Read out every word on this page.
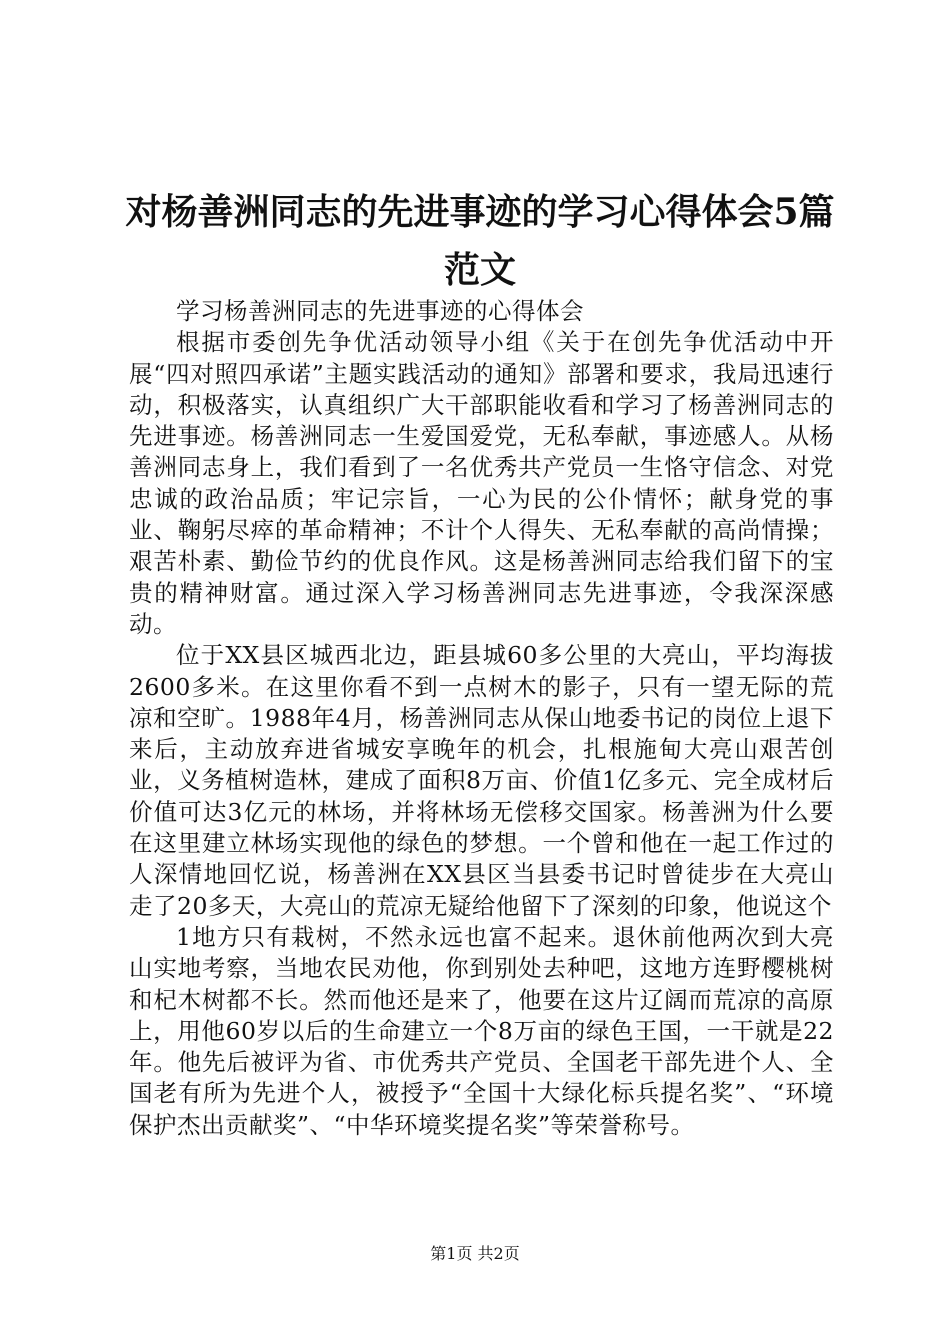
对杨善洲同志的先进事迹的学习心得体会5篇范文

学习杨善洲同志的先进事迹的心得体会

根据市委创先争优活动领导小组《关于在创先争优活动中开展“四对照四承诺”主题实践活动的通知》部署和要求，我局迅速行动，积极落实，认真组织广大干部职能收看和学习了杨善洲同志的先进事迹。杨善洲同志一生爱国爱党，无私奉献，事迹感人。从杨善洲同志身上，我们看到了一名优秀共产党员一生恪守信念、对党忠诚的政治品质；牢记宗旨，一心为民的公仆情怀；献身党的事业、鞠躬尽瘁的革命精神；不计个人得失、无私奉献的高尚情操；艰苦朴素、勤俭节约的优良作风。这是杨善洲同志给我们留下的宝贵的精神财富。通过深入学习杨善洲同志先进事迹，令我深深感动。

位于XX县区城西北边，距县城60多公里的大亮山，平均海拔2600多米。在这里你看不到一点树木的影子，只有一望无际的荒凉和空旷。1988年4月，杨善洲同志从保山地委书记的岗位上退下来后，主动放弃进省城安享晚年的机会，扎根施甸大亮山艰苦创业，义务植树造林，建成了面积8万亩、价值1亿多元、完全成材后价值可达3亿元的林场，并将林场无偿移交国家。杨善洲为什么要在这里建立林场实现他的绿色的梦想。一个曾和他在一起工作过的人深情地回忆说，杨善洲在XX县区当县委书记时曾徒步在大亮山走了20多天，大亮山的荒凉无疑给他留下了深刻的印象，他说这个

1地方只有栽树，不然永远也富不起来。退休前他两次到大亮山实地考察，当地农民劝他，你到别处去种吧，这地方连野樱桃树和杞木树都不长。然而他还是来了，他要在这片辽阔而荒凉的高原上，用他60岁以后的生命建立一个8万亩的绿色王国，一干就是22年。他先后被评为省、市优秀共产党员、全国老干部先进个人、全国老有所为先进个人，被授予“全国十大绿化标兵提名奖”、“环境保护杰出贡献奖”、“中华环境奖提名奖”等荣誉称号。

第1页 共2页
